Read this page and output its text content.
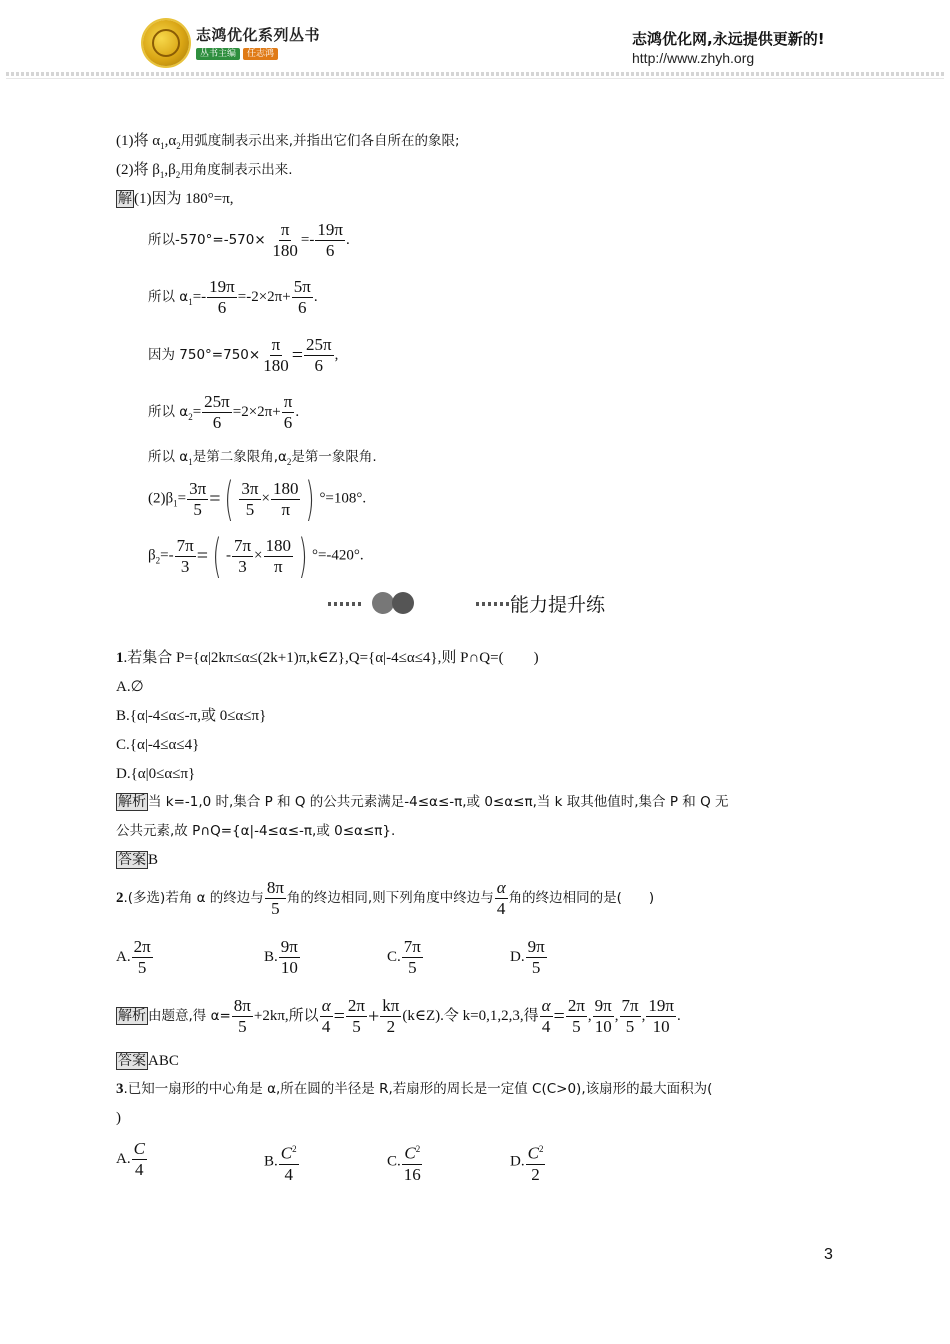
志鸿优化系列丛书
丛书主编	任志鸿
志鸿优化网,永远提供更新的!
http://www.zhyh.org
(1)将 $\alpha_1,\alpha_2$用弧度制表示出来,并指出它们各自所在的象限;
(2)将 $\beta_1,\beta_2$用角度制表示出来.
解 (1)因为 180°=π,
所以$-570^\circ=-570\times \frac{\pi}{180} =- \frac{19\pi}{6}$ .
所以 $\alpha_1=- \frac{19\pi}{6} =-2\times 2\pi+ \frac{5\pi}{6}$ .
因为 $750^\circ=750\times \frac{\pi}{180} = \frac{25\pi}{6}$ ,
所以 $\alpha_2= \frac{25\pi}{6} =2\times 2\pi+ \frac{\pi}{6}$ .
所以 $\alpha_1$是第二象限角$,\alpha_2$是第一象限角.
$(2)\beta_1= \frac{3\pi}{5}$ =( $\frac{3\pi}{5} \times \frac{180}{\pi}$ ) °=108°.
$\beta_2=- \frac{7\pi}{3}$ =( - $\frac{7\pi}{3} \times \frac{180}{\pi}$ ) °=-420°.
能力提升练
1.若集合 P={α|2kπ≤α≤(2k+1)π,k∈Z},Q={α|-4≤α≤4},则 P∩Q=(　　)
A.∅
B.{α|-4≤α≤-π,或 0≤α≤π}
C.{α|-4≤α≤4}
D.{α|0≤α≤π}
解析 当 k=-1,0 时,集合 P 和 Q 的公共元素满足-4≤α≤-π,或 0≤α≤π,当 k 取其他值时,集合 P 和 Q 无
公共元素,故 P∩Q={α|-4≤α≤-π,或 0≤α≤π}.
答案 B
2.(多选)若角 α 的终边与 $\frac{8\pi}{5}$ 角的终边相同,则下列角度中终边与 $\frac{\alpha}{4}$ 角的终边相同的是(　　)
A. $\frac{2\pi}{5}$	B. $\frac{9\pi}{10}$	C. $\frac{7\pi}{5}$	D. $\frac{9\pi}{5}$
解析 由题意,得 $\alpha= \frac{8\pi}{5} +2k\pi$,所以 $\frac{\alpha}{4} = \frac{2\pi}{5} + \frac{k\pi}{2}$ (k∈Z).令 k=0,1,2,3,得 $\frac{\alpha}{4} = \frac{2\pi}{5}$ , $\frac{9\pi}{10}$ , $\frac{7\pi}{5}$ , $\frac{19\pi}{10}$ .
答案 ABC
3.已知一扇形的中心角是 α,所在圆的半径是 R,若扇形的周长是一定值 C(C>0),该扇形的最大面积为(
)
A. $\frac{C}{4}$	B. $\frac{C^2}{4}$	C. $\frac{C^2}{16}$	D. $\frac{C^2}{2}$
3
